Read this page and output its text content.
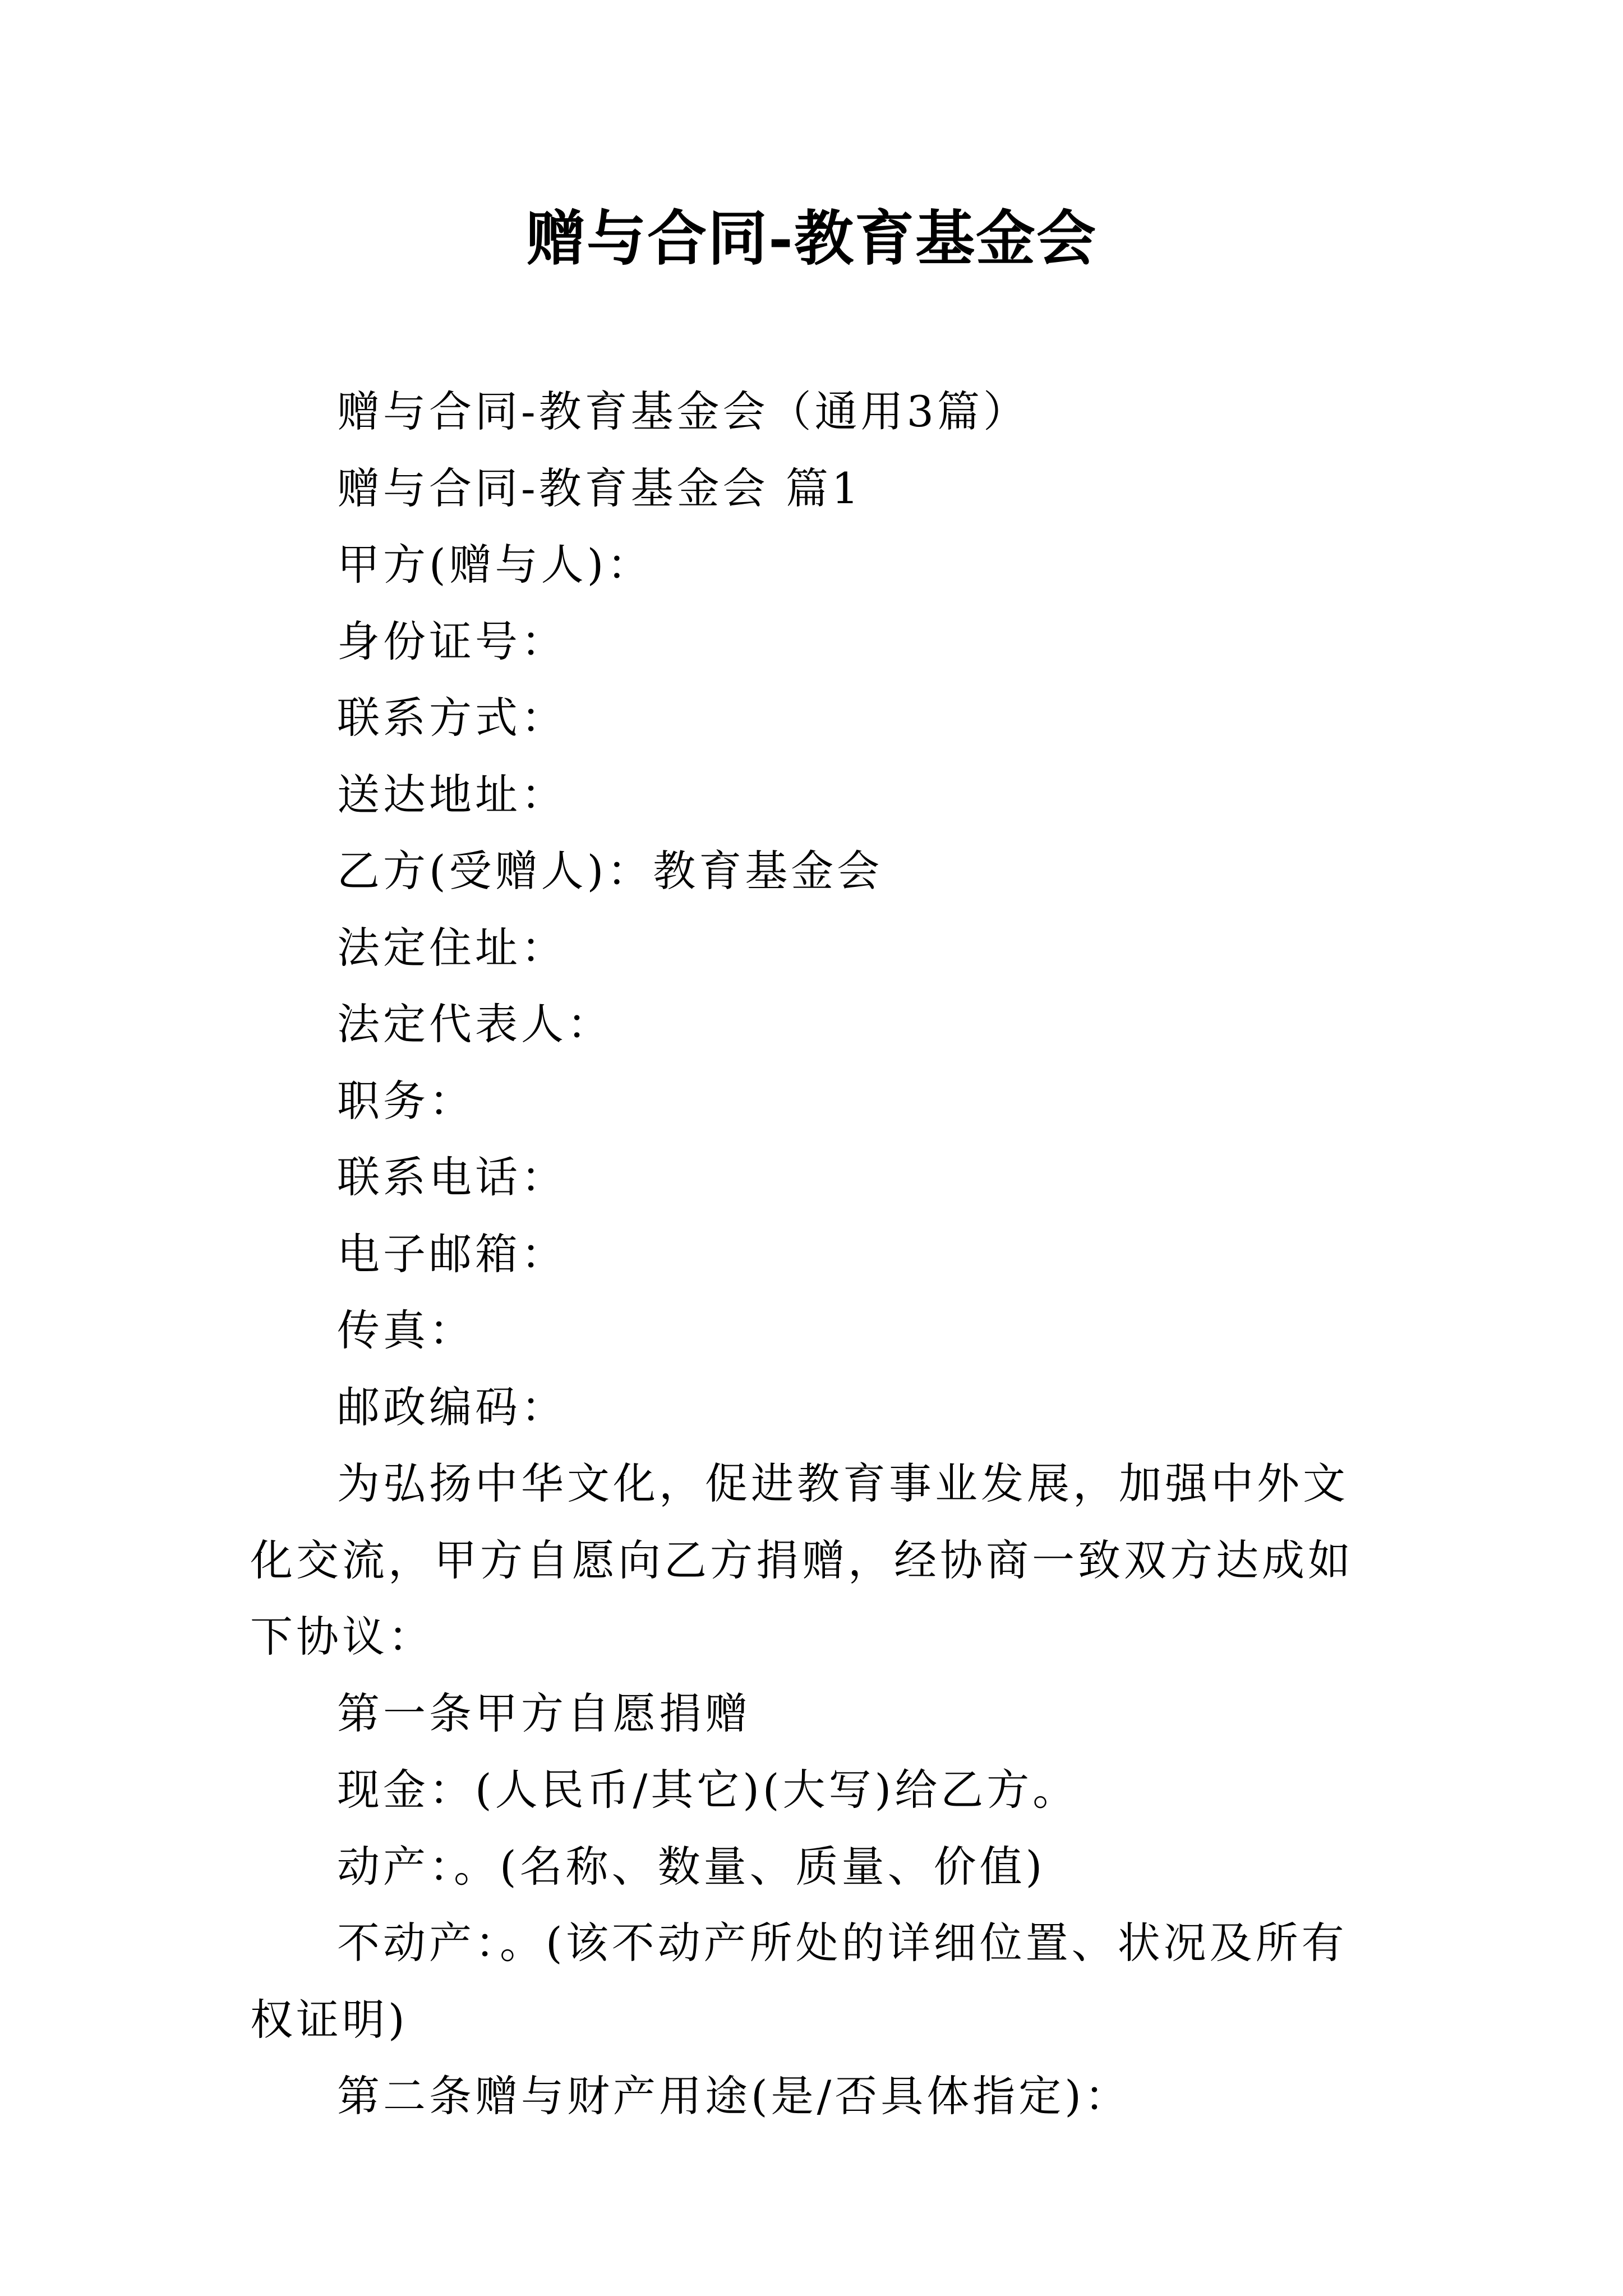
赠与合同-教育基金会
赠与合同-教育基金会（通用3篇）
赠与合同-教育基金会 篇1
甲方(赠与人)：
身份证号：
联系方式：
送达地址：
乙方(受赠人)：教育基金会
法定住址：
法定代表人：
职务：
联系电话：
电子邮箱：
传真：
邮政编码：

为弘扬中华文化，促进教育事业发展，加强中外文化交流，甲方自愿向乙方捐赠，经协商一致双方达成如下协议：

第一条甲方自愿捐赠
现金：(人民币/其它)(大写)给乙方。
动产：。(名称、数量、质量、价值)

不动产：。(该不动产所处的详细位置、状况及所有权证明)

第二条赠与财产用途(是/否具体指定)：
